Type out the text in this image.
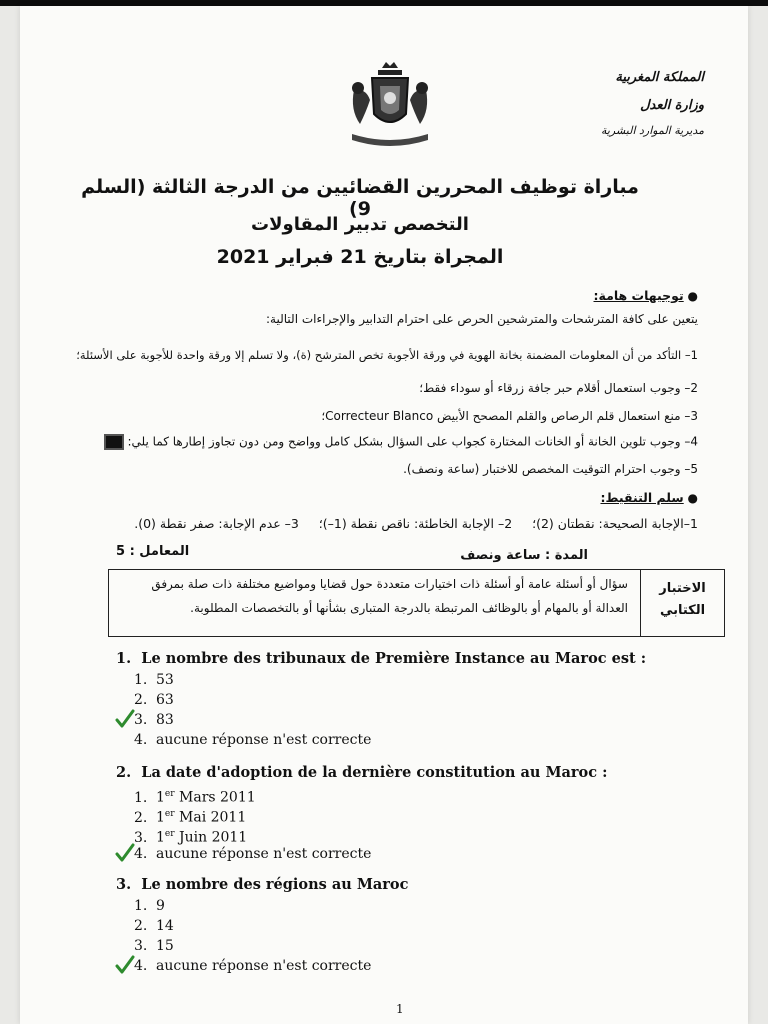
المملكة المغربية
وزارة العدل
مديرية الموارد البشرية
مباراة توظيف المحررين القضائيين من الدرجة الثالثة (السلم 9)
التخصص تدبير المقاولات
المجراة بتاريخ 21 فبراير 2021
● توجيهات هامة:
يتعين على كافة المترشحات والمترشحين الحرص على احترام التدابير والإجراءات التالية:
1– التأكد من أن المعلومات المضمنة بخانة الهوية في ورقة الأجوبة تخص المترشح (ة)، ولا تسلم إلا ورقة واحدة للأجوبة على الأسئلة؛
2– وجوب استعمال أقلام حبر جافة زرقاء أو سوداء فقط؛
3– منع استعمال قلم الرصاص والقلم المصحح الأبيض Correcteur Blanco؛
4– وجوب تلوين الخانة أو الخانات المختارة كجواب على السؤال بشكل كامل وواضح ومن دون تجاوز إطارها كما يلي:
5– وجوب احترام التوقيت المخصص للاختبار (ساعة ونصف).
● سلم التنقيط:
1–الإجابة الصحيحة: نقطتان (2)؛     2– الإجابة الخاطئة: ناقص نقطة (1–)؛     3– عدم الإجابة: صفر نقطة (0).
المدة : ساعة ونصف
المعامل : 5
الاختبار
الكتابي
سؤال أو أسئلة عامة أو أسئلة ذات اختيارات متعددة حول قضايا ومواضيع مختلفة ذات صلة بمرفق
العدالة أو بالمهام أو بالوظائف المرتبطة بالدرجة المتبارى بشأنها أو بالتخصصات المطلوبة.
1. Le nombre des tribunaux de Première Instance au Maroc est :
1. 53
2. 63
3. 83
4. aucune réponse n'est correcte
2. La date d'adoption de la dernière constitution au Maroc :
1. 1er Mars 2011
2. 1er Mai 2011
3. 1er Juin 2011
4. aucune réponse n'est correcte
3. Le nombre des régions au Maroc
1. 9
2. 14
3. 15
4. aucune réponse n'est correcte
1
